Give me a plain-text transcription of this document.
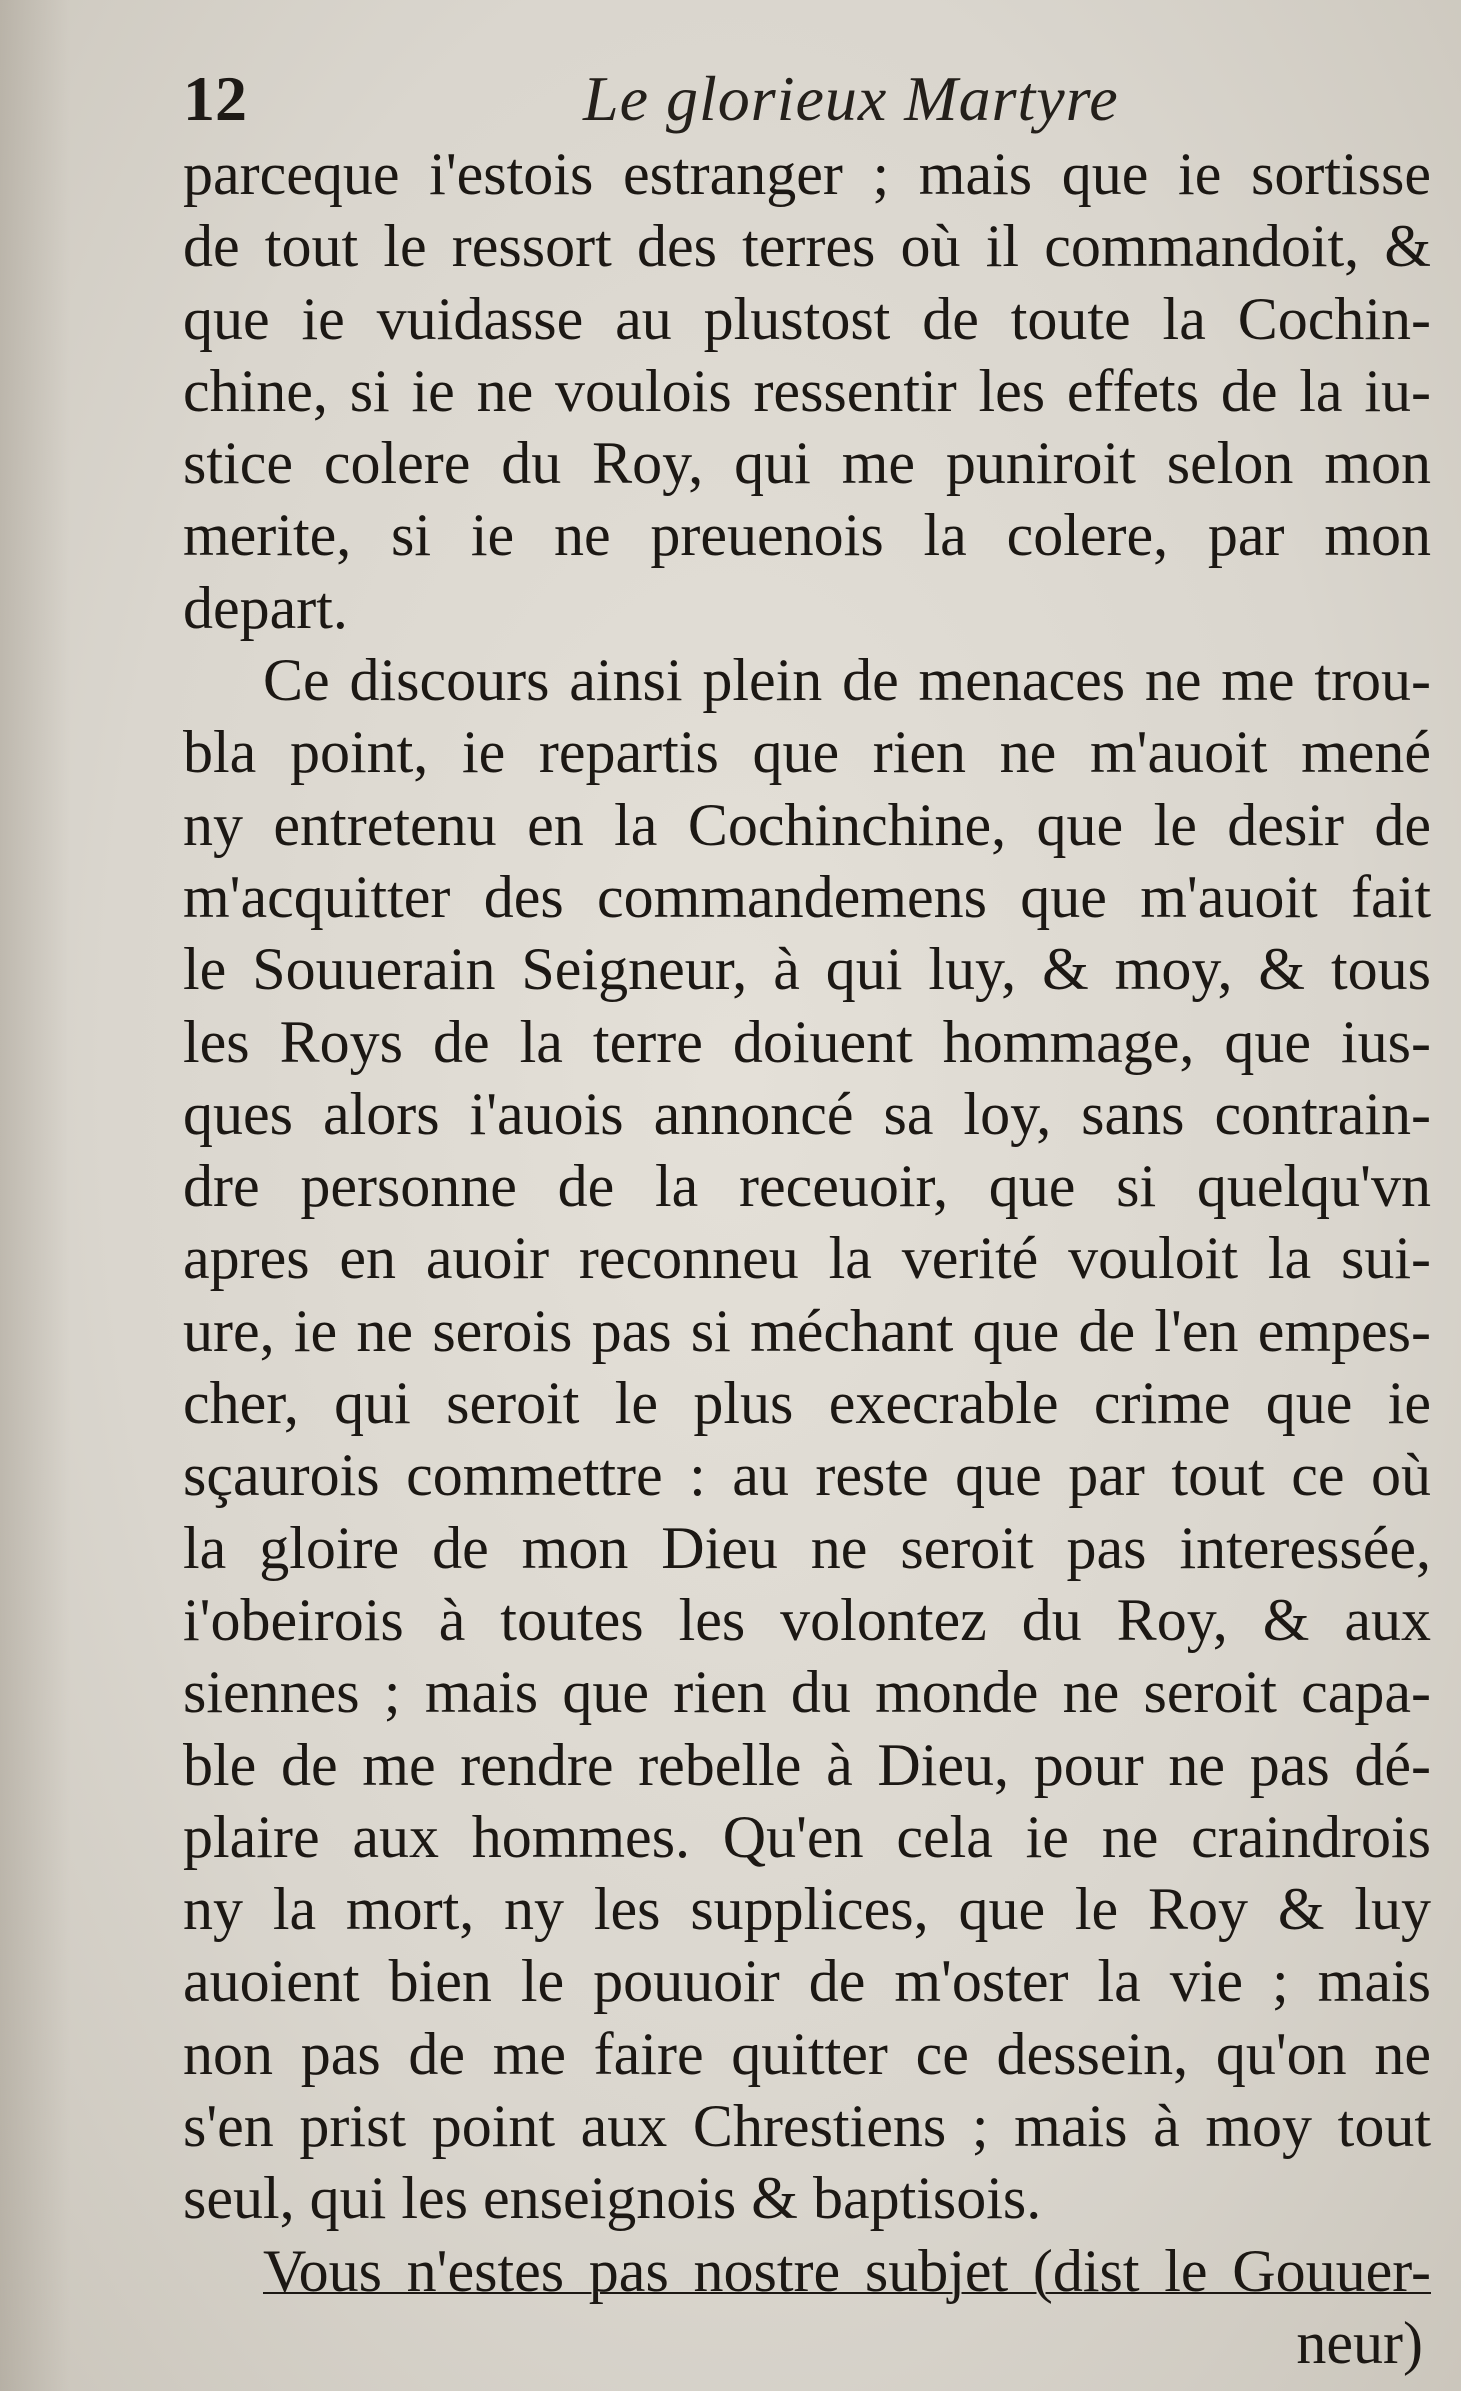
12	Le glorieux Martyre
parceque i'estois estranger ; mais que ie sortisse
de tout le ressort des terres où il commandoit, &
que ie vuidasse au plustost de toute la Cochin-
chine, si ie ne voulois ressentir les effets de la iu-
stice colere du Roy, qui me puniroit selon mon
merite, si ie ne preuenois la colere, par mon
depart.
Ce discours ainsi plein de menaces ne me trou-
bla point, ie repartis que rien ne m'auoit mené
ny entretenu en la Cochinchine, que le desir de
m'acquitter des commandemens que m'auoit fait
le Souuerain Seigneur, à qui luy, & moy, & tous
les Roys de la terre doiuent hommage, que ius-
ques alors i'auois annoncé sa loy, sans contrain-
dre personne de la receuoir, que si quelqu'vn
apres en auoir reconneu la verité vouloit la sui-
ure, ie ne serois pas si méchant que de l'en empes-
cher, qui seroit le plus execrable crime que ie
sçaurois commettre : au reste que par tout ce où
la gloire de mon Dieu ne seroit pas interessée,
i'obeirois à toutes les volontez du Roy, & aux
siennes ; mais que rien du monde ne seroit capa-
ble de me rendre rebelle à Dieu, pour ne pas dé-
plaire aux hommes. Qu'en cela ie ne craindrois
ny la mort, ny les supplices, que le Roy & luy
auoient bien le pouuoir de m'oster la vie ; mais
non pas de me faire quitter ce dessein, qu'on ne
s'en prist point aux Chrestiens ; mais à moy tout
seul, qui les enseignois & baptisois.
Vous n'estes pas nostre subjet (dist le Gouuer-
neur)
